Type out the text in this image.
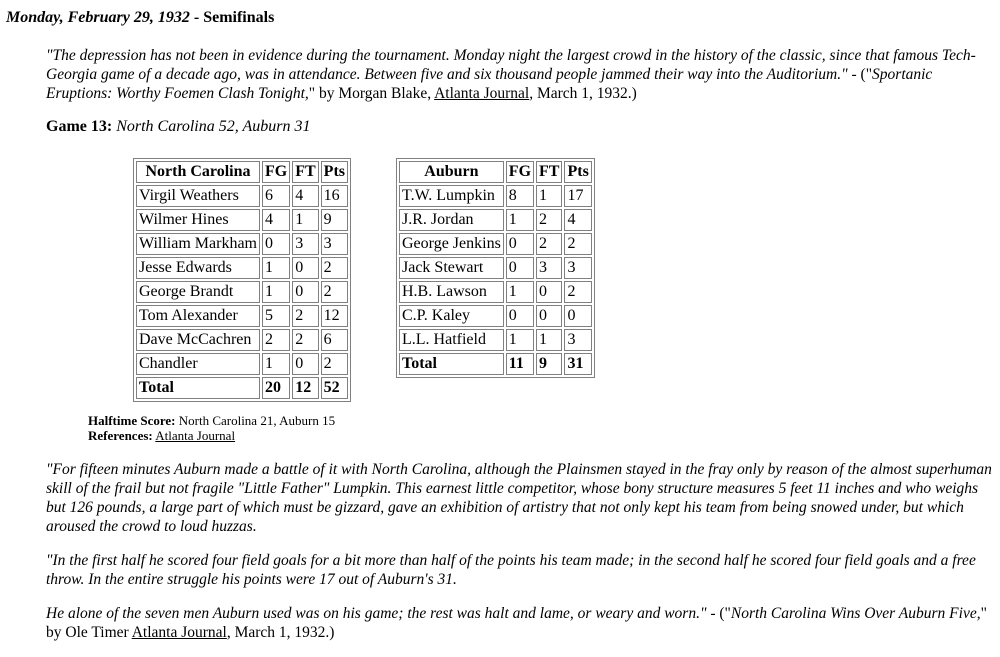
Monday, February 29, 1932 - Semifinals
"The depression has not been in evidence during the tournament. Monday night the largest crowd in the history of the classic, since that famous Tech-Georgia game of a decade ago, was in attendance. Between five and six thousand people jammed their way into the Auditorium." - ("Sportanic Eruptions: Worthy Foemen Clash Tonight," by Morgan Blake, Atlanta Journal, March 1, 1932.)
Game 13: North Carolina 52, Auburn 31
North Carolina	FG	FT	Pts
Virgil Weathers	6	4	16
Wilmer Hines	4	1	9
William Markham	0	3	3
Jesse Edwards	1	0	2
George Brandt	1	0	2
Tom Alexander	5	2	12
Dave McCachren	2	2	6
Chandler	1	0	2
Total	20	12	52
Auburn	FG	FT	Pts
T.W. Lumpkin	8	1	17
J.R. Jordan	1	2	4
George Jenkins	0	2	2
Jack Stewart	0	3	3
H.B. Lawson	1	0	2
C.P. Kaley	0	0	0
L.L. Hatfield	1	1	3
Total	11	9	31
Halftime Score: North Carolina 21, Auburn 15
References: Atlanta Journal

"For fifteen minutes Auburn made a battle of it with North Carolina, although the Plainsmen stayed in the fray only by reason of the almost superhuman skill of the frail but not fragile "Little Father" Lumpkin. This earnest little competitor, whose bony structure measures 5 feet 11 inches and who weighs but 126 pounds, a large part of which must be gizzard, gave an exhibition of artistry that not only kept his team from being snowed under, but which aroused the crowd to loud huzzas.

"In the first half he scored four field goals for a bit more than half of the points his team made; in the second half he scored four field goals and a free throw. In the entire struggle his points were 17 out of Auburn's 31.

He alone of the seven men Auburn used was on his game; the rest was halt and lame, or weary and worn." - ("North Carolina Wins Over Auburn Five," by Ole Timer Atlanta Journal, March 1, 1932.)
